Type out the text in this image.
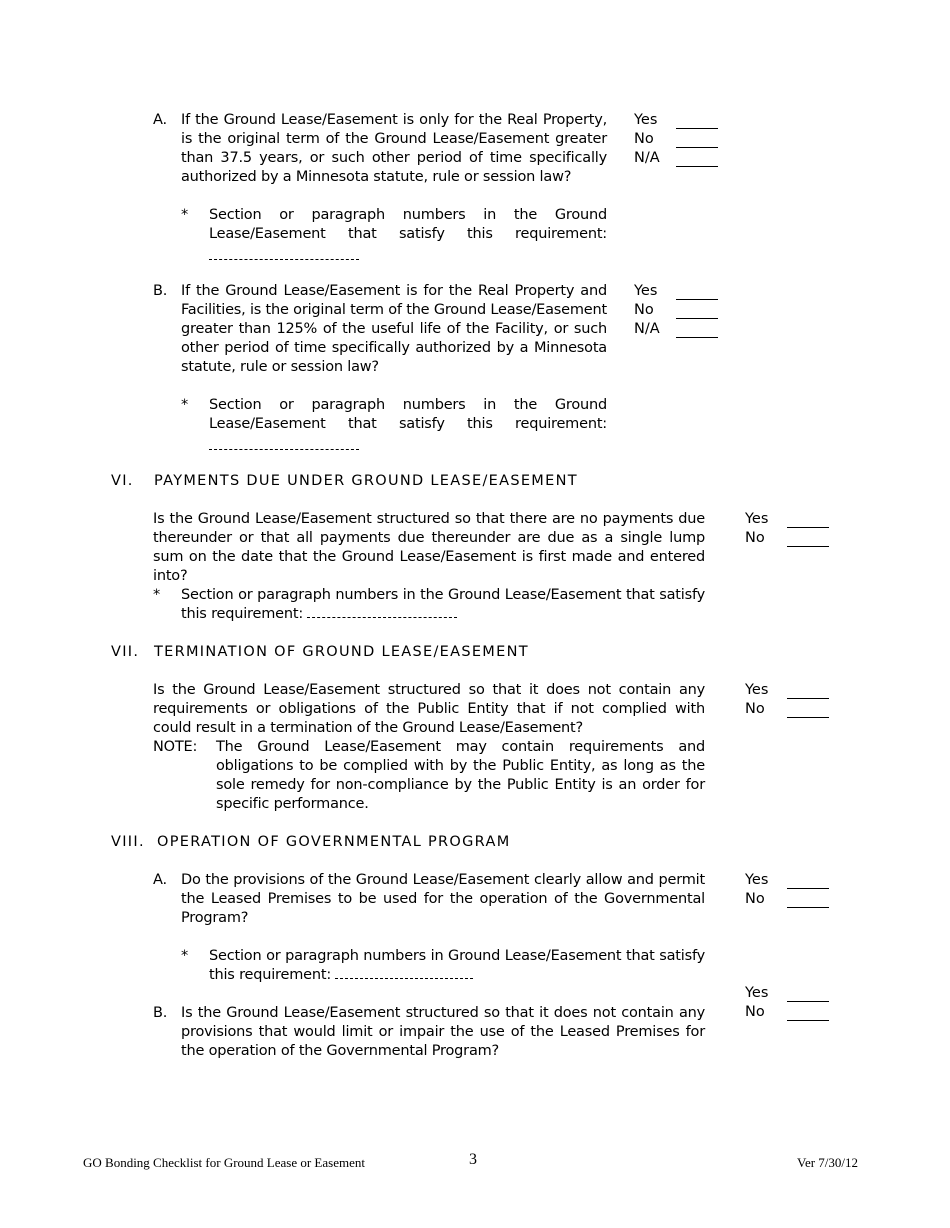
A. If the Ground Lease/Easement is only for the Real Property, is the original term of the Ground Lease/Easement greater than 37.5 years, or such other period of time specifically authorized by a Minnesota statute, rule or session law?
Yes
No
N/A
* Section or paragraph numbers in the Ground Lease/Easement that satisfy this requirement:
B. If the Ground Lease/Easement is for the Real Property and Facilities, is the original term of the Ground Lease/Easement greater than 125% of the useful life of the Facility, or such other period of time specifically authorized by a Minnesota statute, rule or session law?
Yes
No
N/A
* Section or paragraph numbers in the Ground Lease/Easement that satisfy this requirement:
VI. PAYMENTS DUE UNDER GROUND LEASE/EASEMENT
Is the Ground Lease/Easement structured so that there are no payments due thereunder or that all payments due thereunder are due as a single lump sum on the date that the Ground Lease/Easement is first made and entered into?
Yes
No
* Section or paragraph numbers in the Ground Lease/Easement that satisfy this requirement:
VII. TERMINATION OF GROUND LEASE/EASEMENT
Is the Ground Lease/Easement structured so that it does not contain any requirements or obligations of the Public Entity that if not complied with could result in a termination of the Ground Lease/Easement?
Yes
No
NOTE: The Ground Lease/Easement may contain requirements and obligations to be complied with by the Public Entity, as long as the sole remedy for non-compliance by the Public Entity is an order for specific performance.
VIII. OPERATION OF GOVERNMENTAL PROGRAM
A. Do the provisions of the Ground Lease/Easement clearly allow and permit the Leased Premises to be used for the operation of the Governmental Program?
Yes
No
* Section or paragraph numbers in Ground Lease/Easement that satisfy this requirement:
Yes
No
B. Is the Ground Lease/Easement structured so that it does not contain any provisions that would limit or impair the use of the Leased Premises for the operation of the Governmental Program?
GO Bonding Checklist for Ground Lease or Easement	3	Ver 7/30/12
